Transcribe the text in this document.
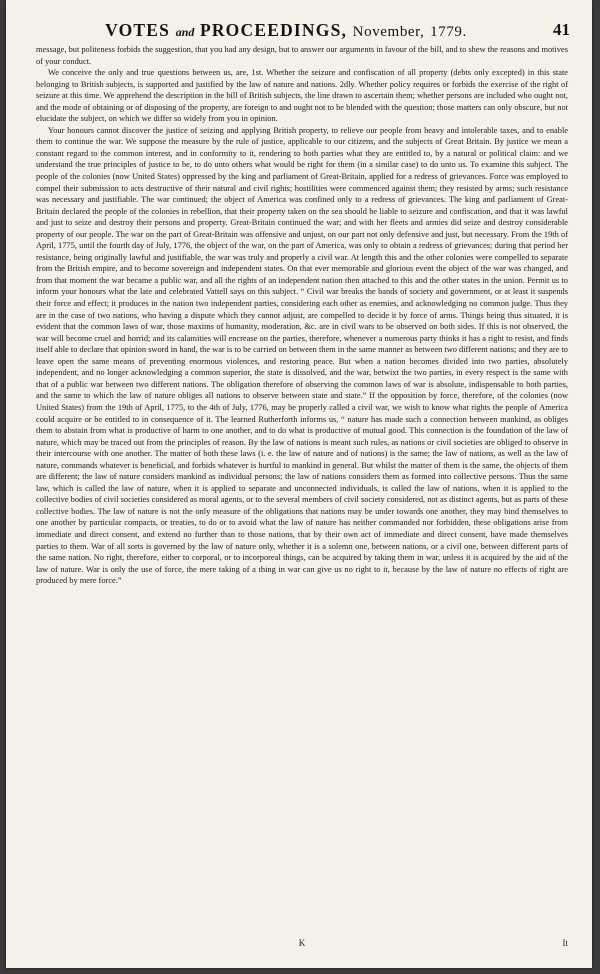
VOTES and PROCEEDINGS, November, 1779.	41

message, but politeness forbids the suggestion, that you had any design, but to answer our arguments in favour of the bill, and to shew the reasons and motives of your conduct.

We conceive the only and true questions between us, are, 1st. Whether the seizure and confiscation of all property (debts only excepted) in this state belonging to British subjects, is supported and justified by the law of nature and nations. 2dly. Whether policy requires or forbids the exercise of the right of seizure at this time. We apprehend the description in the bill of British subjects, the line drawn to ascertain them; whether persons are included who ought not, and the mode of obtaining or of disposing of the property, are foreign to and ought not to be blended with the question; those matters can only obscure, but not elucidate the subject, on which we differ so widely from you in opinion.

Your honours cannot discover the justice of seizing and applying British property, to relieve our people from heavy and intolerable taxes, and to enable them to continue the war. We suppose the measure by the rule of justice, applicable to our citizens, and the subjects of Great Britain. By justice we mean a constant regard to the common interest, and in conformity to it, rendering to both parties what they are entitled to, by a natural or political claim: and we understand the true principles of justice to be, to do unto others what would be right for them (in a similar case) to do unto us. To examine this subject. The people of the colonies (now United States) oppressed by the king and parliament of Great-Britain, applied for a redress of grievances. Force was employed to compel their submission to acts destructive of their natural and civil rights; hostilities were commenced against them; they resisted by arms; such resistance was necessary and justifiable. The war continued; the object of America was confined only to a redress of grievances. The king and parliament of Great-Britain declared the people of the colonies in rebellion, that their property taken on the sea should be liable to seizure and confiscation, and that it was lawful and just to seize and destroy their persons and property. Great-Britain continued the war; and with her fleets and armies did seize and destroy considerable property of our people. The war on the part of Great-Britain was offensive and unjust, on our part not only defensive and just, but necessary. From the 19th of April, 1775, until the fourth day of July, 1776, the object of the war, on the part of America, was only to obtain a redress of grievances; during that period her resistance, being originally lawful and justifiable, the war was truly and properly a civil war. At length this and the other colonies were compelled to separate from the British empire, and to become sovereign and independent states. On that ever memorable and glorious event the object of the war was changed, and from that moment the war became a public war, and all the rights of an independent nation then attached to this and the other states in the union. Permit us to inform your honours what the late and celebrated Vattell says on this subject. “ Civil war breaks the bands of society and government, or at least it suspends their force and effect; it produces in the nation two independent parties, considering each other as enemies, and acknowledging no common judge. Thus they are in the case of two nations, who having a dispute which they cannot adjust, are compelled to decide it by force of arms. Things being thus situated, it is evident that the common laws of war, those maxims of humanity, moderation, &c. are in civil wars to be observed on both sides. If this is not observed, the war will become cruel and horrid; and its calamities will encrease on the parties, therefore, whenever a numerous party thinks it has a right to resist, and finds itself able to declare that opinion sword in hand, the war is to be carried on between them in the same manner as between two different nations; and they are to leave open the same means of preventing enormous violences, and restoring peace. But when a nation becomes divided into two parties, absolutely independent, and no longer acknowledging a common superior, the state is dissolved, and the war, betwixt the two parties, in every respect is the same with that of a public war between two different nations. The obligation therefore of observing the common laws of war is absolute, indispensable to both parties, and the same to which the law of nature obliges all nations to observe between state and state.” If the opposition by force, therefore, of the colonies (now United States) from the 19th of April, 1775, to the 4th of July, 1776, may be properly called a civil war, we wish to know what rights the people of America could acquire or be entitled to in consequence of it. The learned Rutherforth informs us, “ nature has made such a connection between mankind, as obliges them to abstain from what is productive of harm to one another, and to do what is productive of mutual good. This connection is the foundation of the law of nature, which may be traced out from the principles of reason. By the law of nations is meant such rules, as nations or civil societies are obliged to observe in their intercourse with one another. The matter of both these laws (i. e. the law of nature and of nations) is the same; the law of nations, as well as the law of nature, commands whatever is beneficial, and forbids whatever is hurtful to mankind in general. But whilst the matter of them is the same, the objects of them are different; the law of nature considers mankind as individual persons; the law of nations considers them as formed into collective persons. Thus the same law, which is called the law of nature, when it is applied to separate and unconnected individuals, is called the law of nations, when it is applied to the collective bodies of civil societies considered as moral agents, or to the several members of civil society considered, not as distinct agents, but as parts of these collective bodies. The law of nature is not the only measure of the obligations that nations may be under towards one another, they may bind themselves to one another by particular compacts, or treaties, to do or to avoid what the law of nature has neither commanded nor forbidden, these obligations arise from immediate and direct consent, and extend no further than to those nations, that by their own act of immediate and direct consent, have made themselves parties to them. War of all sorts is governed by the law of nature only, whether it is a solemn one, between nations, or a civil one, between different parts of the same nation. No right, therefore, either to corporal, or to incorporeal things, can be acquired by taking them in war, unless it is acquired by the aid of the law of nature. War is only the use of force, the mere taking of a thing in war can give us no right to it, because by the law of nature no effects of right are produced by mere force.”

K	It
